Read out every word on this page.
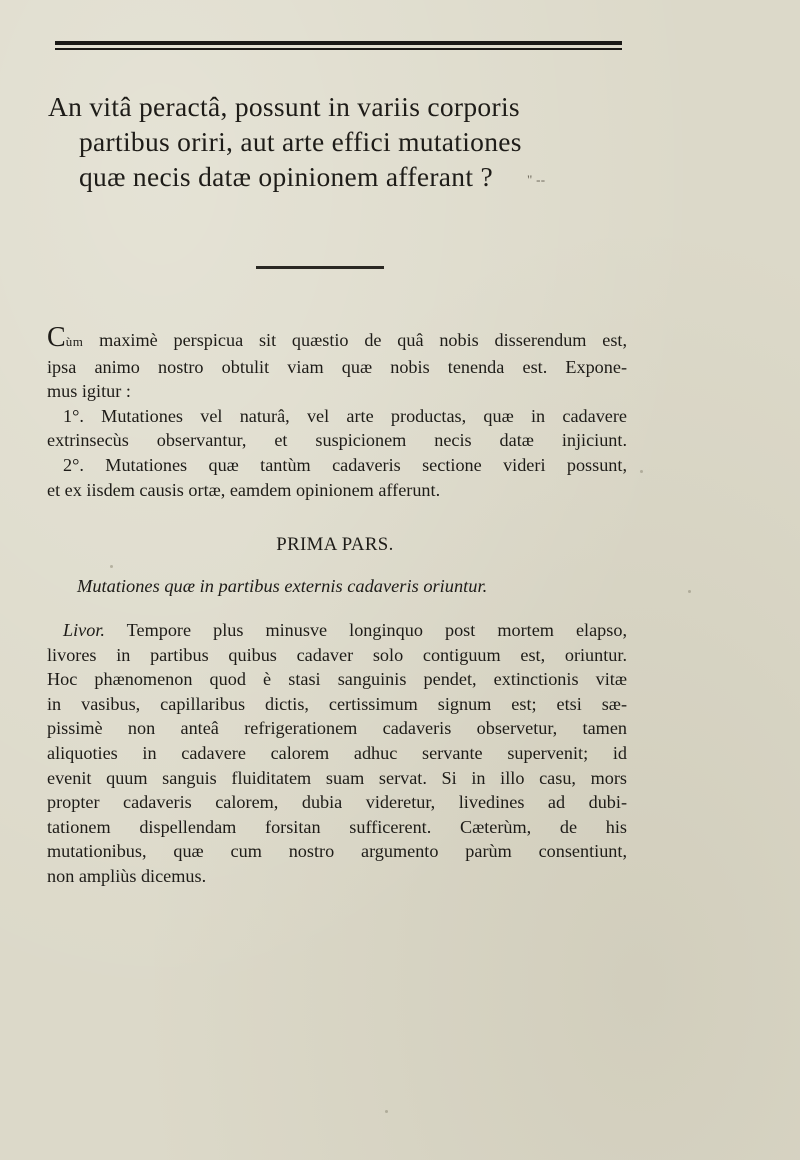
An vitâ peractâ, possunt in variis corporis
partibus oriri, aut arte effici mutationes
quæ necis datæ opinionem afferant ?	" --
Cùm maximè perspicua sit quæstio de quâ nobis disserendum est,
ipsa animo nostro obtulit viam quæ nobis tenenda est. Expone-
mus igitur :
1°. Mutationes vel naturâ, vel arte productas, quæ in cadavere
extrinsecùs observantur, et suspicionem necis datæ injiciunt.
2°. Mutationes quæ tantùm cadaveris sectione videri possunt,
et ex iisdem causis ortæ, eamdem opinionem afferunt.
PRIMA PARS.
Mutationes quæ in partibus externis cadaveris oriuntur.
Livor. Tempore plus minusve longinquo post mortem elapso,
livores in partibus quibus cadaver solo contiguum est, oriuntur.
Hoc phænomenon quod è stasi sanguinis pendet, extinctionis vitæ
in vasibus, capillaribus dictis, certissimum signum est; etsi sæ-
pissimè non anteâ refrigerationem cadaveris observetur, tamen
aliquoties in cadavere calorem adhuc servante supervenit; id
evenit quum sanguis fluiditatem suam servat. Si in illo casu, mors
propter cadaveris calorem, dubia videretur, livedines ad dubi-
tationem dispellendam forsitan sufficerent. Cæterùm, de his
mutationibus, quæ cum nostro argumento parùm consentiunt,
non ampliùs dicemus.
